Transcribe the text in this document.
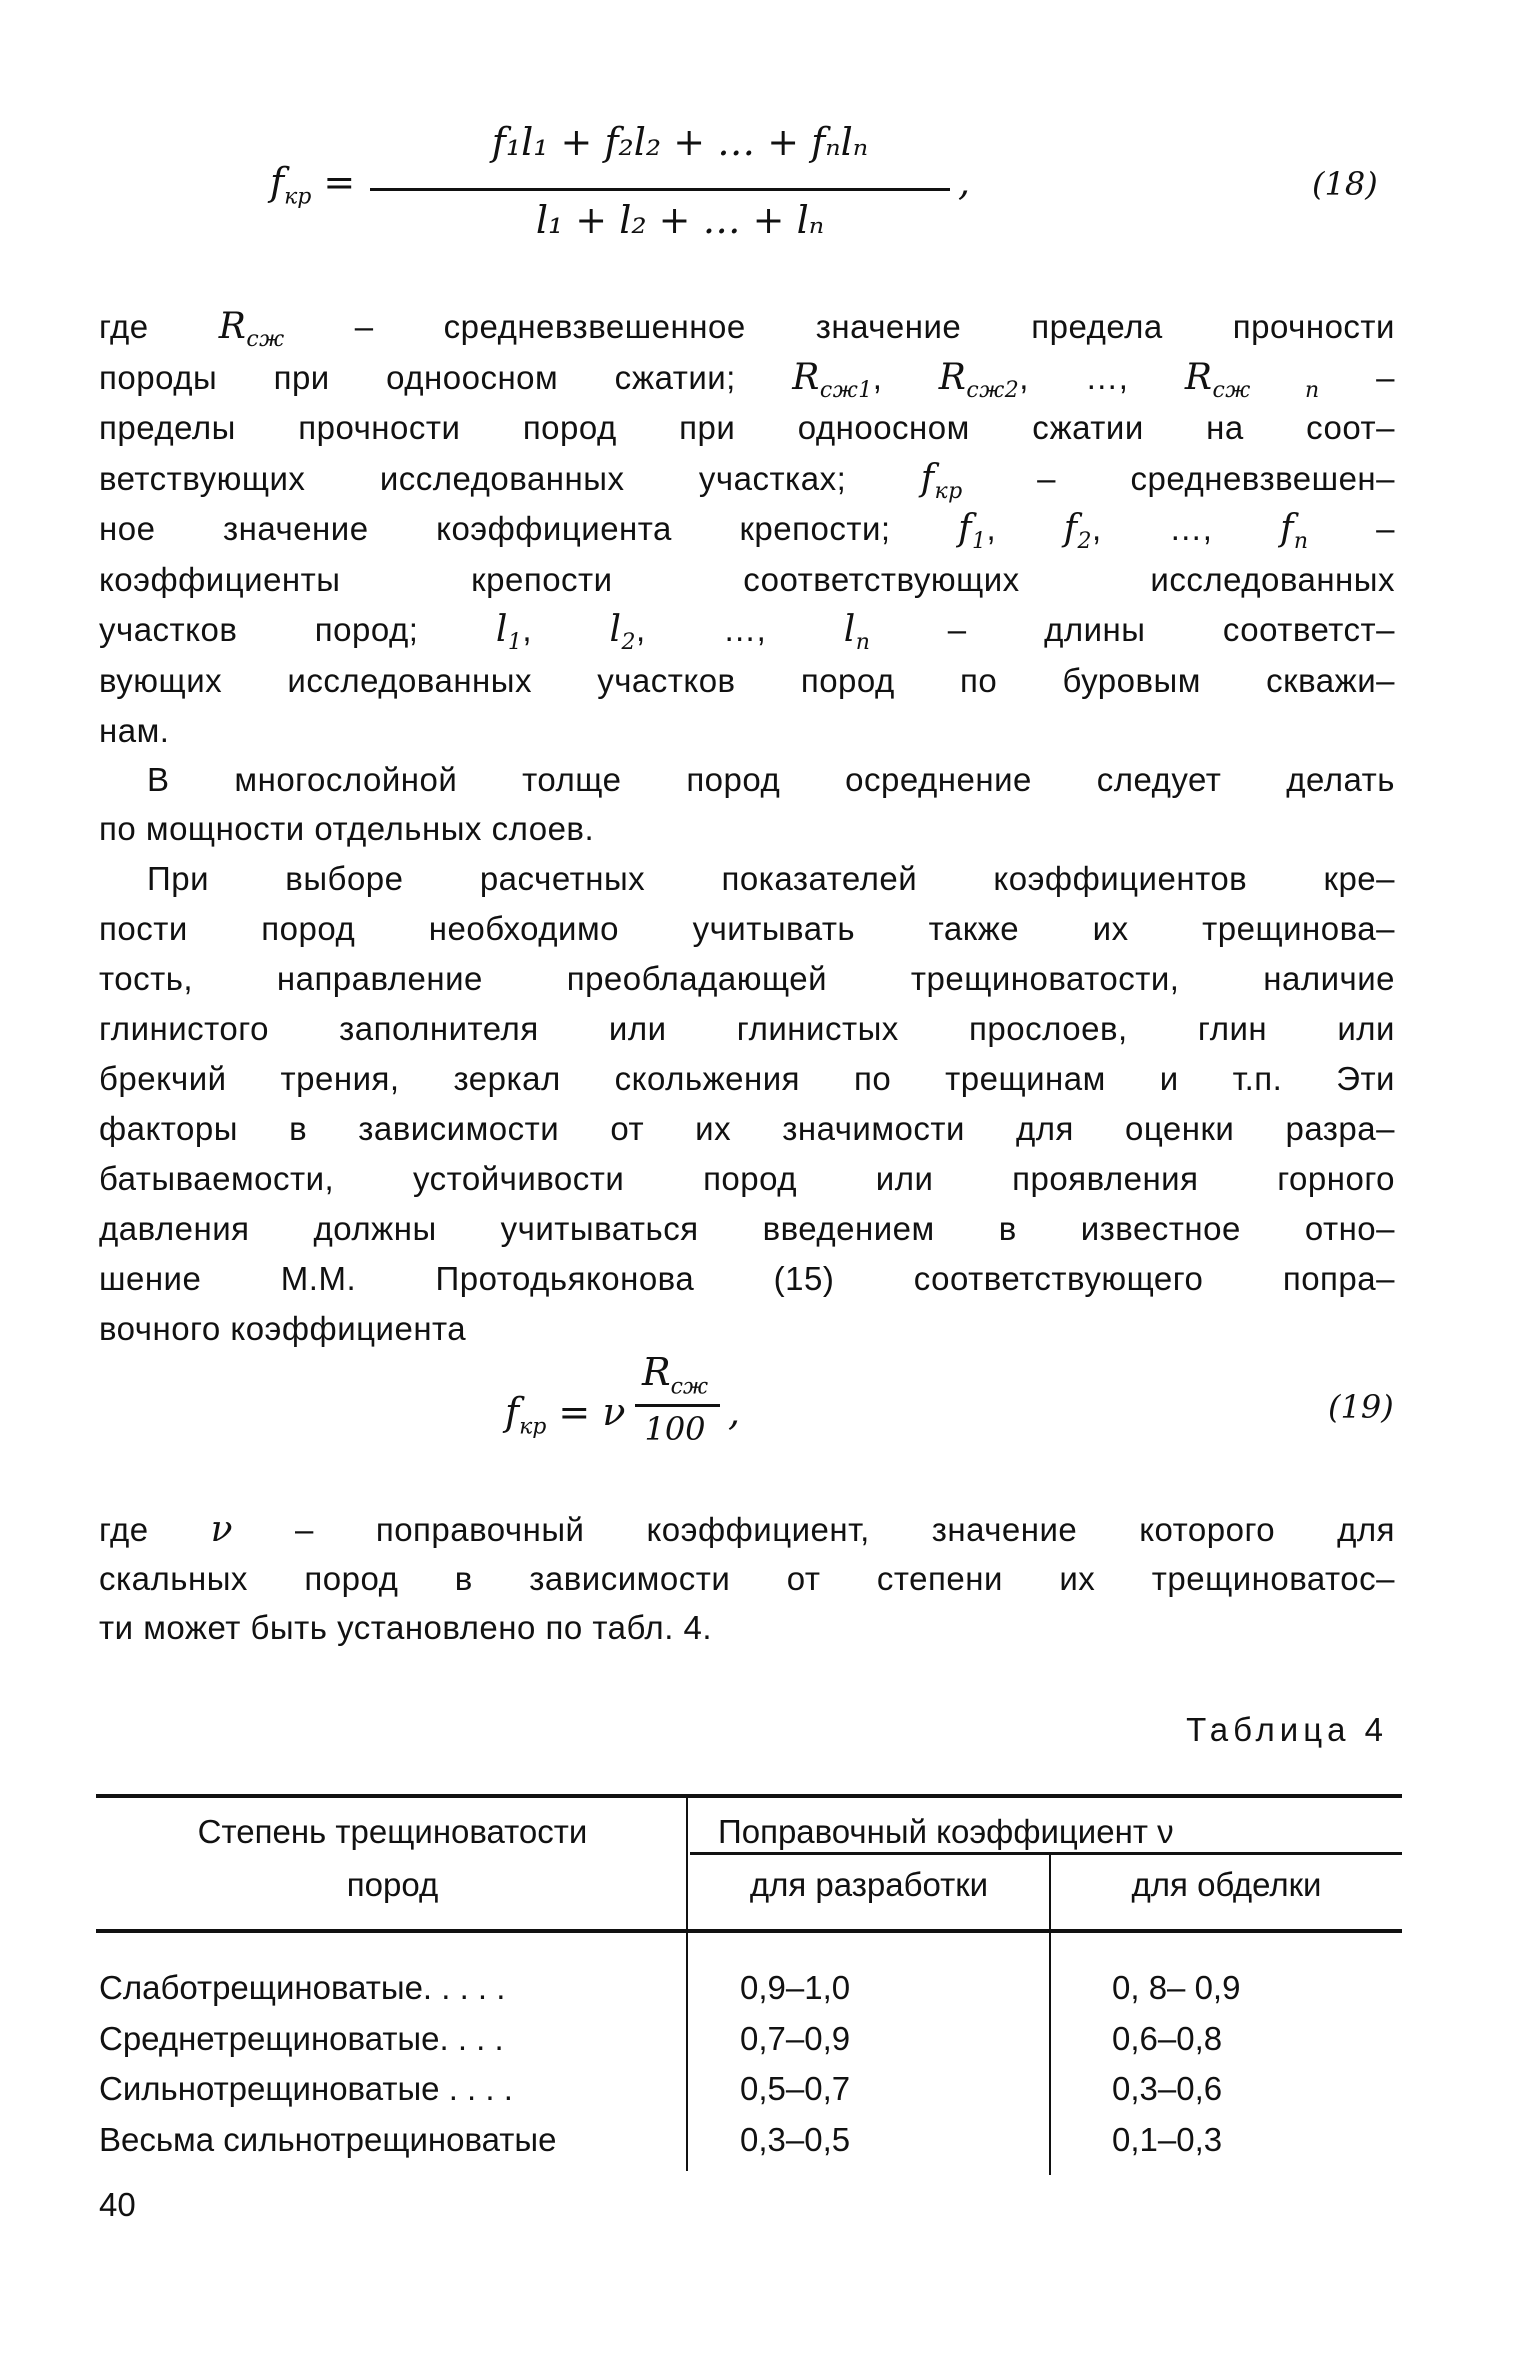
$f_{кр}$ =
f₁l₁ + f₂l₂ + … + fₙlₙ
l₁ + l₂ + … + lₙ
,	(18)
где $R_{сж}$ – средневзвешенное значение предела прочности
породы при одноосном сжатии; $R_{сж1}$, $R_{сж2}$, …, $R_{сж n}$ –
пределы прочности пород при одноосном сжатии на соот–
ветствующих исследованных участках; $f_{кр}$ – средневзвешен–
ное значение коэффициента крепости; $f_1$, $f_2$, …, $f_n$ –
коэффициенты крепости соответствующих исследованных
участков пород; $l_1$, $l_2$, …, $l_n$ – длины соответст–
вующих исследованных участков пород по буровым скважи–
нам.
В многослойной толще пород осреднение следует делать
по мощности отдельных слоев.
При выборе расчетных показателей коэффициентов кре–
пости пород необходимо учитывать также их трещинова–
тость, направление преобладающей трещиноватости, наличие
глинистого заполнителя или глинистых прослоев, глин или
брекчий трения, зеркал скольжения по трещинам и т.п. Эти
факторы в зависимости от их значимости для оценки разра–
батываемости, устойчивости пород или проявления горного
давления должны учитываться введением в известное отно–
шение М.М. Протодьяконова (15) соответствующего попра–
вочного коэффициента
$f_{кр} = \nu$
$R_{сж}$
100 ,	(19)
где ν – поправочный коэффициент, значение которого для
скальных пород в зависимости от степени их трещиноватос–
ти может быть установлено по табл. 4.
Таблица 4
Степень трещиноватости
пород
Поправочный коэффициент ν
для разработки	для обделки
Слаботрещиноватые. . . . .	0,9–1,0	0, 8– 0,9
Среднетрещиноватые. . . .	0,7–0,9	0,6–0,8
Сильнотрещиноватые . . . .	0,5–0,7	0,3–0,6
Весьма сильнотрещиноватые	0,3–0,5	0,1–0,3
40
